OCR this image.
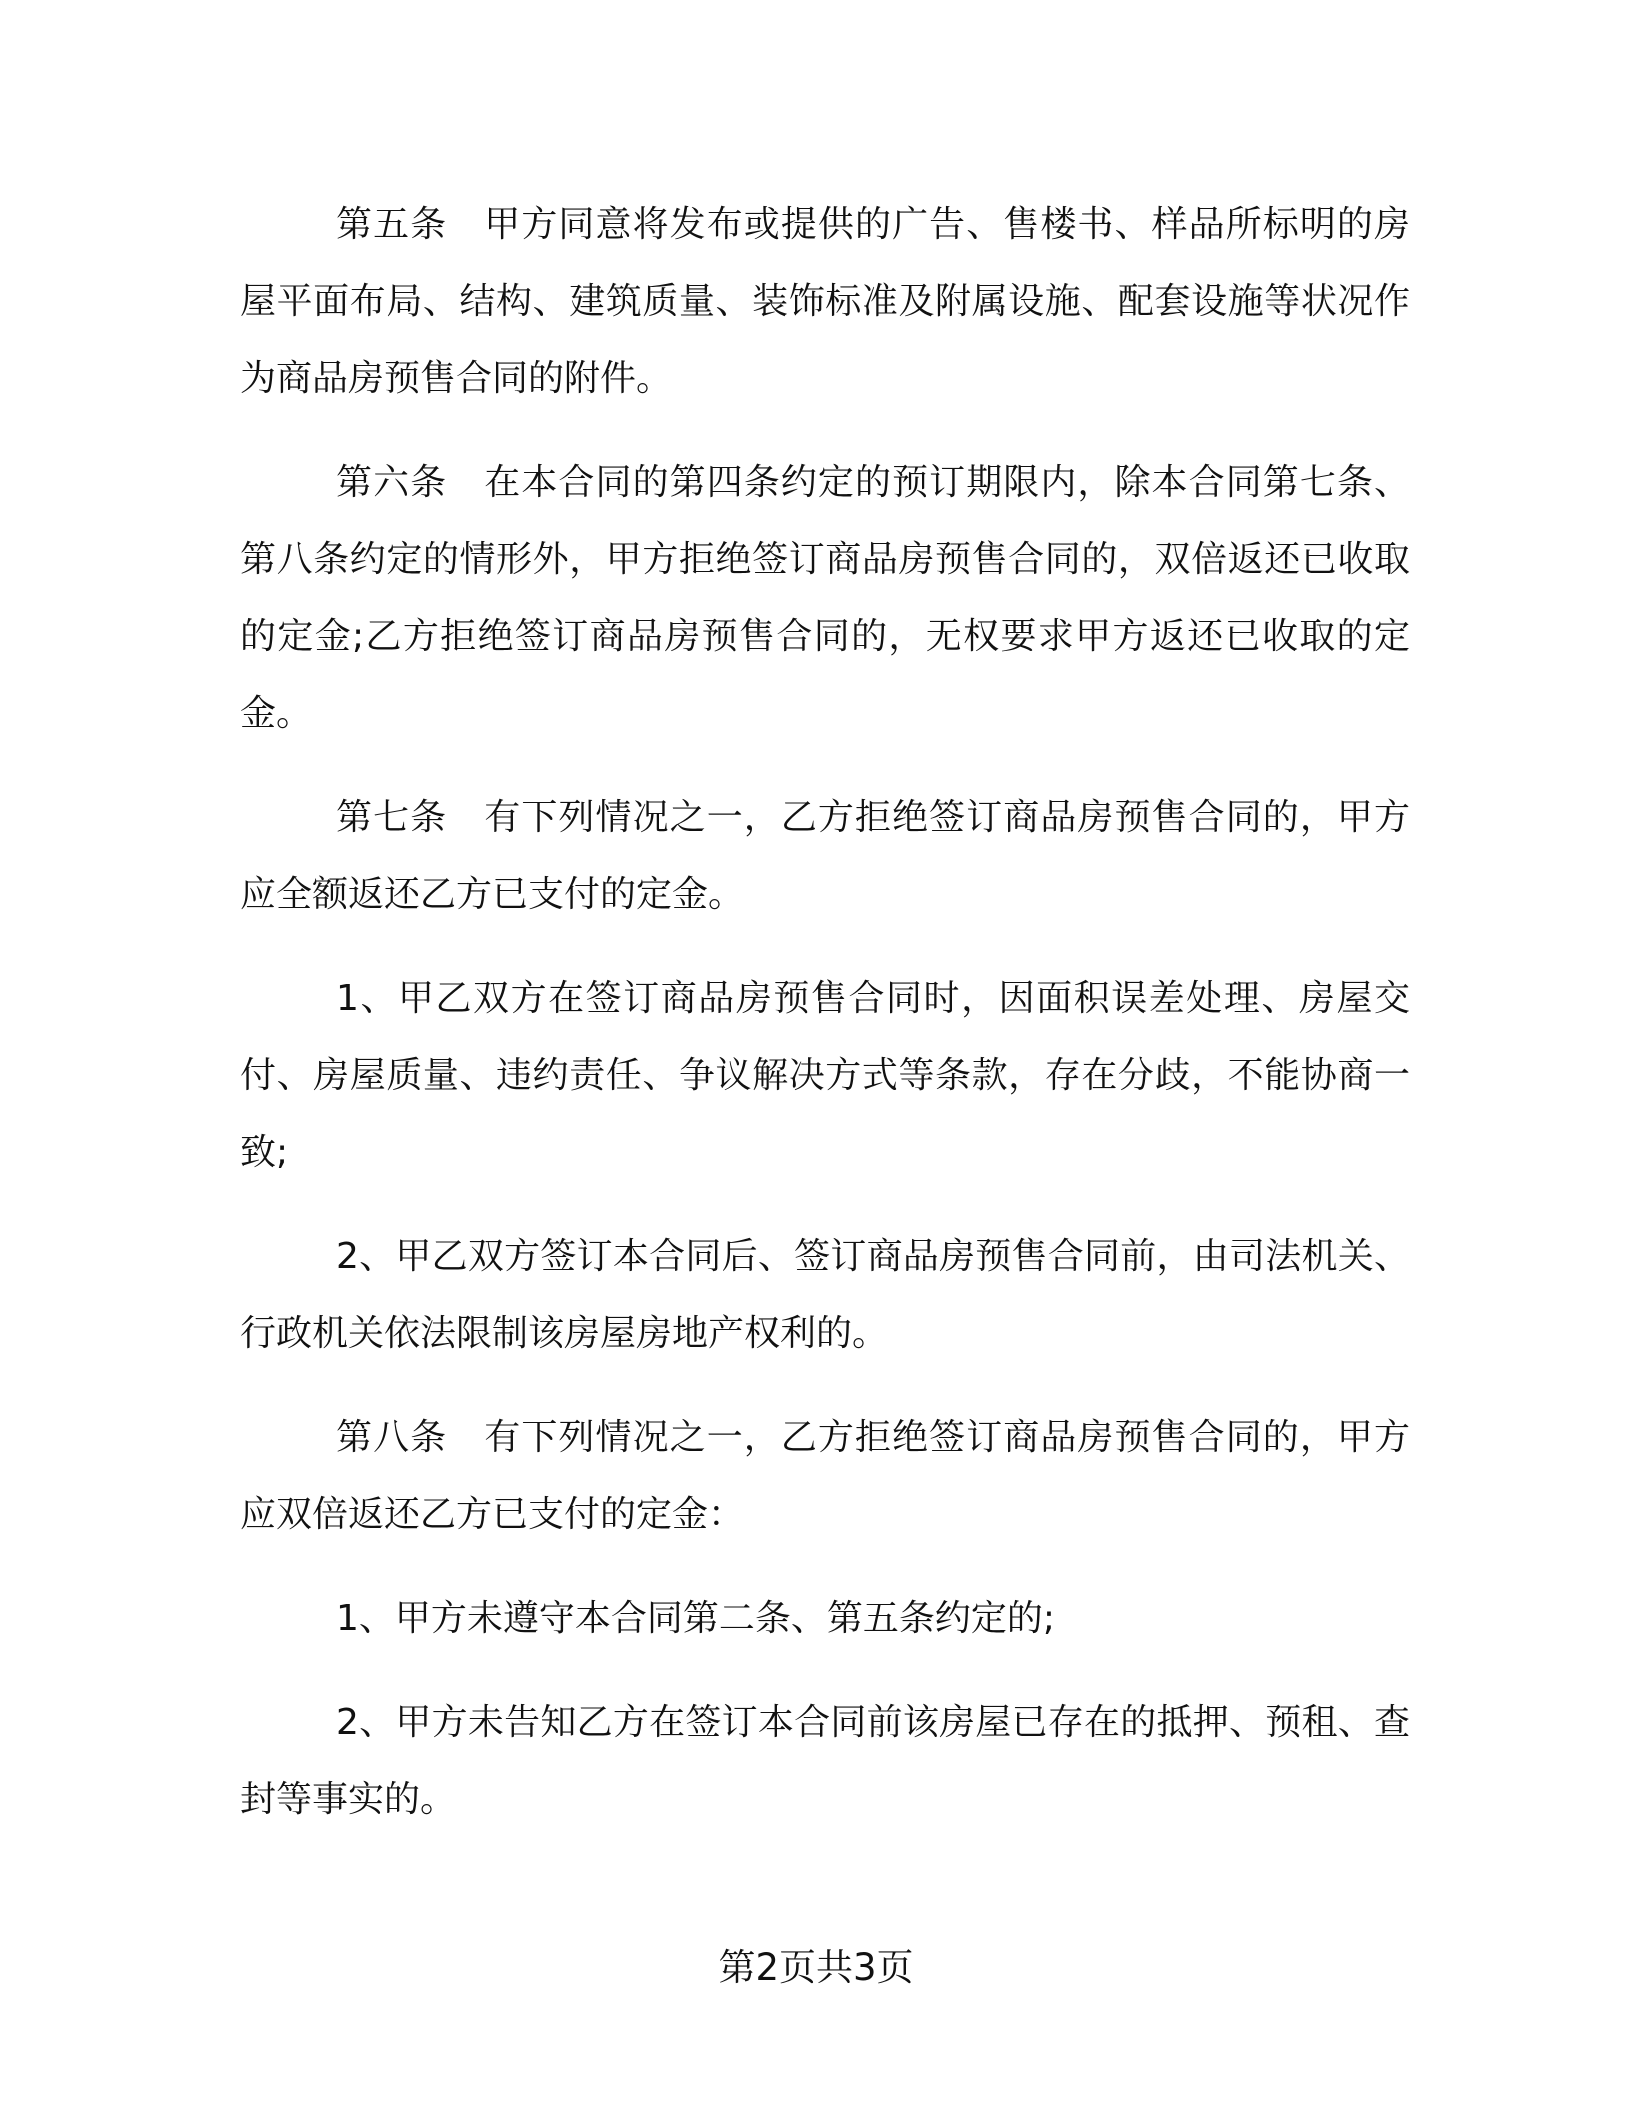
第五条　甲方同意将发布或提供的广告、售楼书、样品所标明的房屋平面布局、结构、建筑质量、装饰标准及附属设施、配套设施等状况作为商品房预售合同的附件。

第六条　在本合同的第四条约定的预订期限内，除本合同第七条、第八条约定的情形外，甲方拒绝签订商品房预售合同的，双倍返还已收取的定金;乙方拒绝签订商品房预售合同的，无权要求甲方返还已收取的定金。

第七条　有下列情况之一，乙方拒绝签订商品房预售合同的，甲方应全额返还乙方已支付的定金。

1、甲乙双方在签订商品房预售合同时，因面积误差处理、房屋交付、房屋质量、违约责任、争议解决方式等条款，存在分歧，不能协商一致;

2、甲乙双方签订本合同后、签订商品房预售合同前，由司法机关、行政机关依法限制该房屋房地产权利的。

第八条　有下列情况之一，乙方拒绝签订商品房预售合同的，甲方应双倍返还乙方已支付的定金：

1、甲方未遵守本合同第二条、第五条约定的;

2、甲方未告知乙方在签订本合同前该房屋已存在的抵押、预租、查封等事实的。

第2页共3页
